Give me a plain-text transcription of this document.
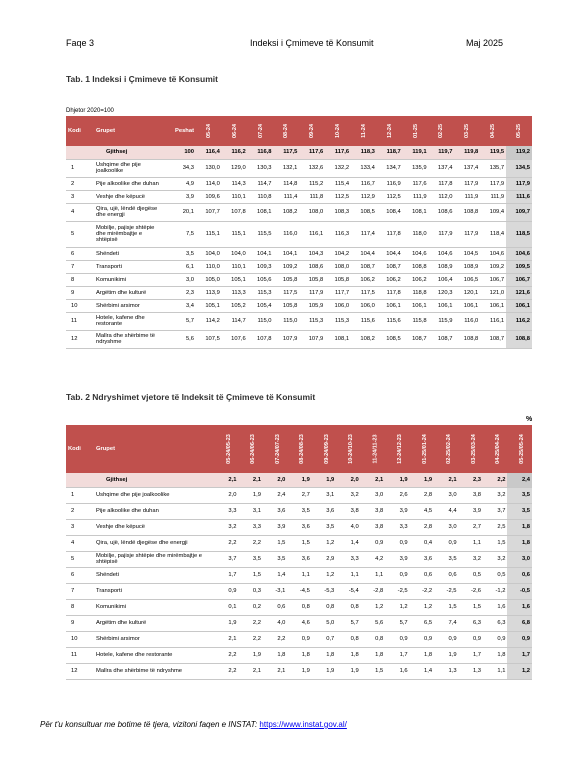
Faqe 3	Indeksi i Çmimeve të Konsumit	Maj 2025
Tab. 1 Indeksi i Çmimeve të Konsumit
Dhjetor 2020=100
Kodi	Grupet	Peshat	05-24	06-24	07-24	08-24	09-24	10-24	11-24	12-24	01-25	02-25	03-25	04-25	05-25
	Gjithsej	100	116,4	116,2	116,8	117,5	117,6	117,6	118,3	118,7	119,1	119,7	119,8	119,5	119,2
1	Ushqime dhe pije joalkoolike	34,3	130,0	129,0	130,3	132,1	132,6	132,2	133,4	134,7	135,9	137,4	137,4	135,7	134,5
2	Pije alkoolike dhe duhan	4,9	114,0	114,3	114,7	114,8	115,2	115,4	116,7	116,9	117,6	117,8	117,9	117,9	117,9
3	Veshje dhe këpucë	3,9	109,6	110,1	110,8	111,4	111,8	112,5	112,9	112,5	111,9	112,0	111,9	111,9	111,6
4	Qira, ujë, lëndë djegëse dhe energji	20,1	107,7	107,8	108,1	108,2	108,0	108,3	108,5	108,4	108,1	108,6	108,8	109,4	109,7
5	Mobilje, pajisje shtëpie dhe mirëmbajtje e shtëpisë	7,5	115,1	115,1	115,5	116,0	116,1	116,3	117,4	117,8	118,0	117,9	117,9	118,4	118,5
6	Shëndeti	3,5	104,0	104,0	104,1	104,1	104,3	104,2	104,4	104,4	104,6	104,6	104,5	104,6	104,6
7	Transporti	6,1	110,0	110,1	109,3	109,2	108,6	108,0	108,7	108,7	108,8	108,9	108,9	109,2	109,5
8	Komunikimi	3,0	105,0	105,1	105,6	105,8	105,8	105,8	106,2	106,2	106,2	106,4	106,5	106,7	106,7
9	Argëtim dhe kulturë	2,3	113,9	113,3	115,3	117,5	117,9	117,7	117,5	117,8	118,8	120,3	120,1	121,0	121,6
10	Shërbimi arsimor	3,4	105,1	105,2	105,4	105,8	105,9	106,0	106,0	106,1	106,1	106,1	106,1	106,1	106,1
11	Hotele, kafene dhe restorante	5,7	114,2	114,7	115,0	115,0	115,3	115,3	115,6	115,6	115,8	115,9	116,0	116,1	116,2
12	Mallra dhe shërbime të ndryshme	5,6	107,5	107,6	107,8	107,9	107,9	108,1	108,2	108,5	108,7	108,7	108,8	108,7	108,8
Tab. 2 Ndryshimet vjetore të Indeksit të Çmimeve të Konsumit
%
Kodi	Grupet	05-24/05-23	06-24/06-23	07-24/07-23	08-24/08-23	09-24/09-23	10-24/10-23	11-24/11-23	12-24/12-23	01-25/01-24	02-25/02-24	03-25/03-24	04-25/04-24	05-25/05-24
	Gjithsej	2,1	2,1	2,0	1,9	1,9	2,0	2,1	1,9	1,9	2,1	2,3	2,2	2,4
1	Ushqime dhe pije joalkoolike	2,0	1,9	2,4	2,7	3,1	3,2	3,0	2,6	2,8	3,0	3,8	3,2	3,5
2	Pije alkoolike dhe duhan	3,3	3,1	3,6	3,5	3,6	3,8	3,8	3,9	4,5	4,4	3,9	3,7	3,5
3	Veshje dhe këpucë	3,2	3,3	3,9	3,6	3,5	4,0	3,8	3,3	2,8	3,0	2,7	2,5	1,8
4	Qira, ujë, lëndë djegëse dhe energji	2,2	2,2	1,5	1,5	1,2	1,4	0,9	0,9	0,4	0,9	1,1	1,5	1,8
5	Mobilje, pajisje shtëpie dhe mirëmbajtje e shtëpisë	3,7	3,5	3,5	3,6	2,9	3,3	4,2	3,9	3,6	3,5	3,2	3,2	3,0
6	Shëndeti	1,7	1,5	1,4	1,1	1,2	1,1	1,1	0,9	0,6	0,6	0,5	0,5	0,6
7	Transporti	0,9	0,3	-3,1	-4,5	-5,3	-5,4	-2,8	-2,5	-2,2	-2,5	-2,6	-1,2	-0,5
8	Komunikimi	0,1	0,2	0,6	0,8	0,8	0,8	1,2	1,2	1,2	1,5	1,5	1,6	1,6
9	Argëtim dhe kulturë	1,9	2,2	4,0	4,6	5,0	5,7	5,6	5,7	6,5	7,4	6,3	6,3	6,8
10	Shërbimi arsimor	2,1	2,2	2,2	0,9	0,7	0,8	0,8	0,9	0,9	0,9	0,9	0,9	0,9
11	Hotele, kafene dhe restorante	2,2	1,9	1,8	1,8	1,8	1,8	1,8	1,7	1,8	1,9	1,7	1,8	1,7
12	Mallra dhe shërbime të ndryshme	2,2	2,1	2,1	1,9	1,9	1,9	1,5	1,6	1,4	1,3	1,3	1,1	1,2
Për t'u konsultuar me botime të tjera, vizitoni faqen e INSTAT: https://www.instat.gov.al/
